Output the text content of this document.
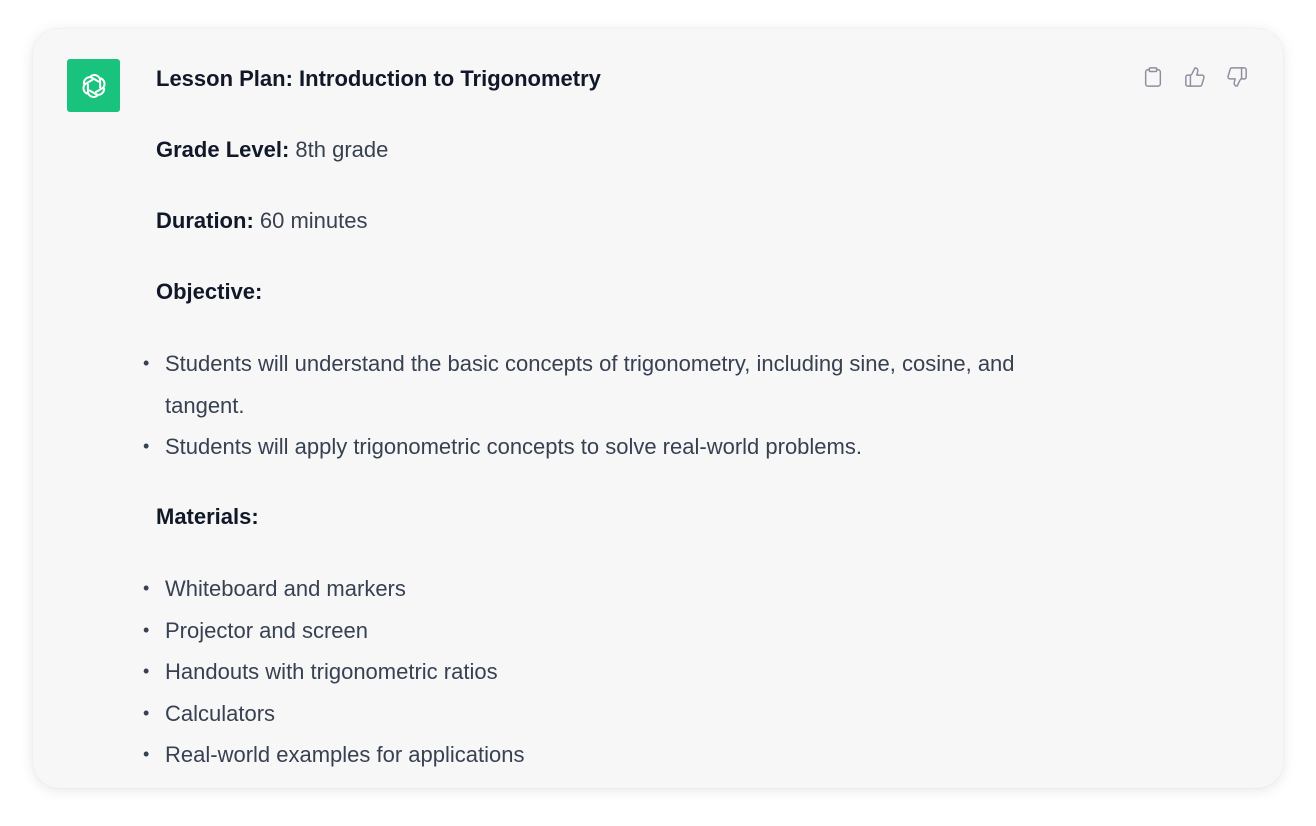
Lesson Plan: Introduction to Trigonometry

Grade Level: 8th grade

Duration: 60 minutes

Objective:

• Students will understand the basic concepts of trigonometry, including sine, cosine, and
tangent.
• Students will apply trigonometric concepts to solve real-world problems.

Materials:

• Whiteboard and markers
• Projector and screen
• Handouts with trigonometric ratios
• Calculators
• Real-world examples for applications
